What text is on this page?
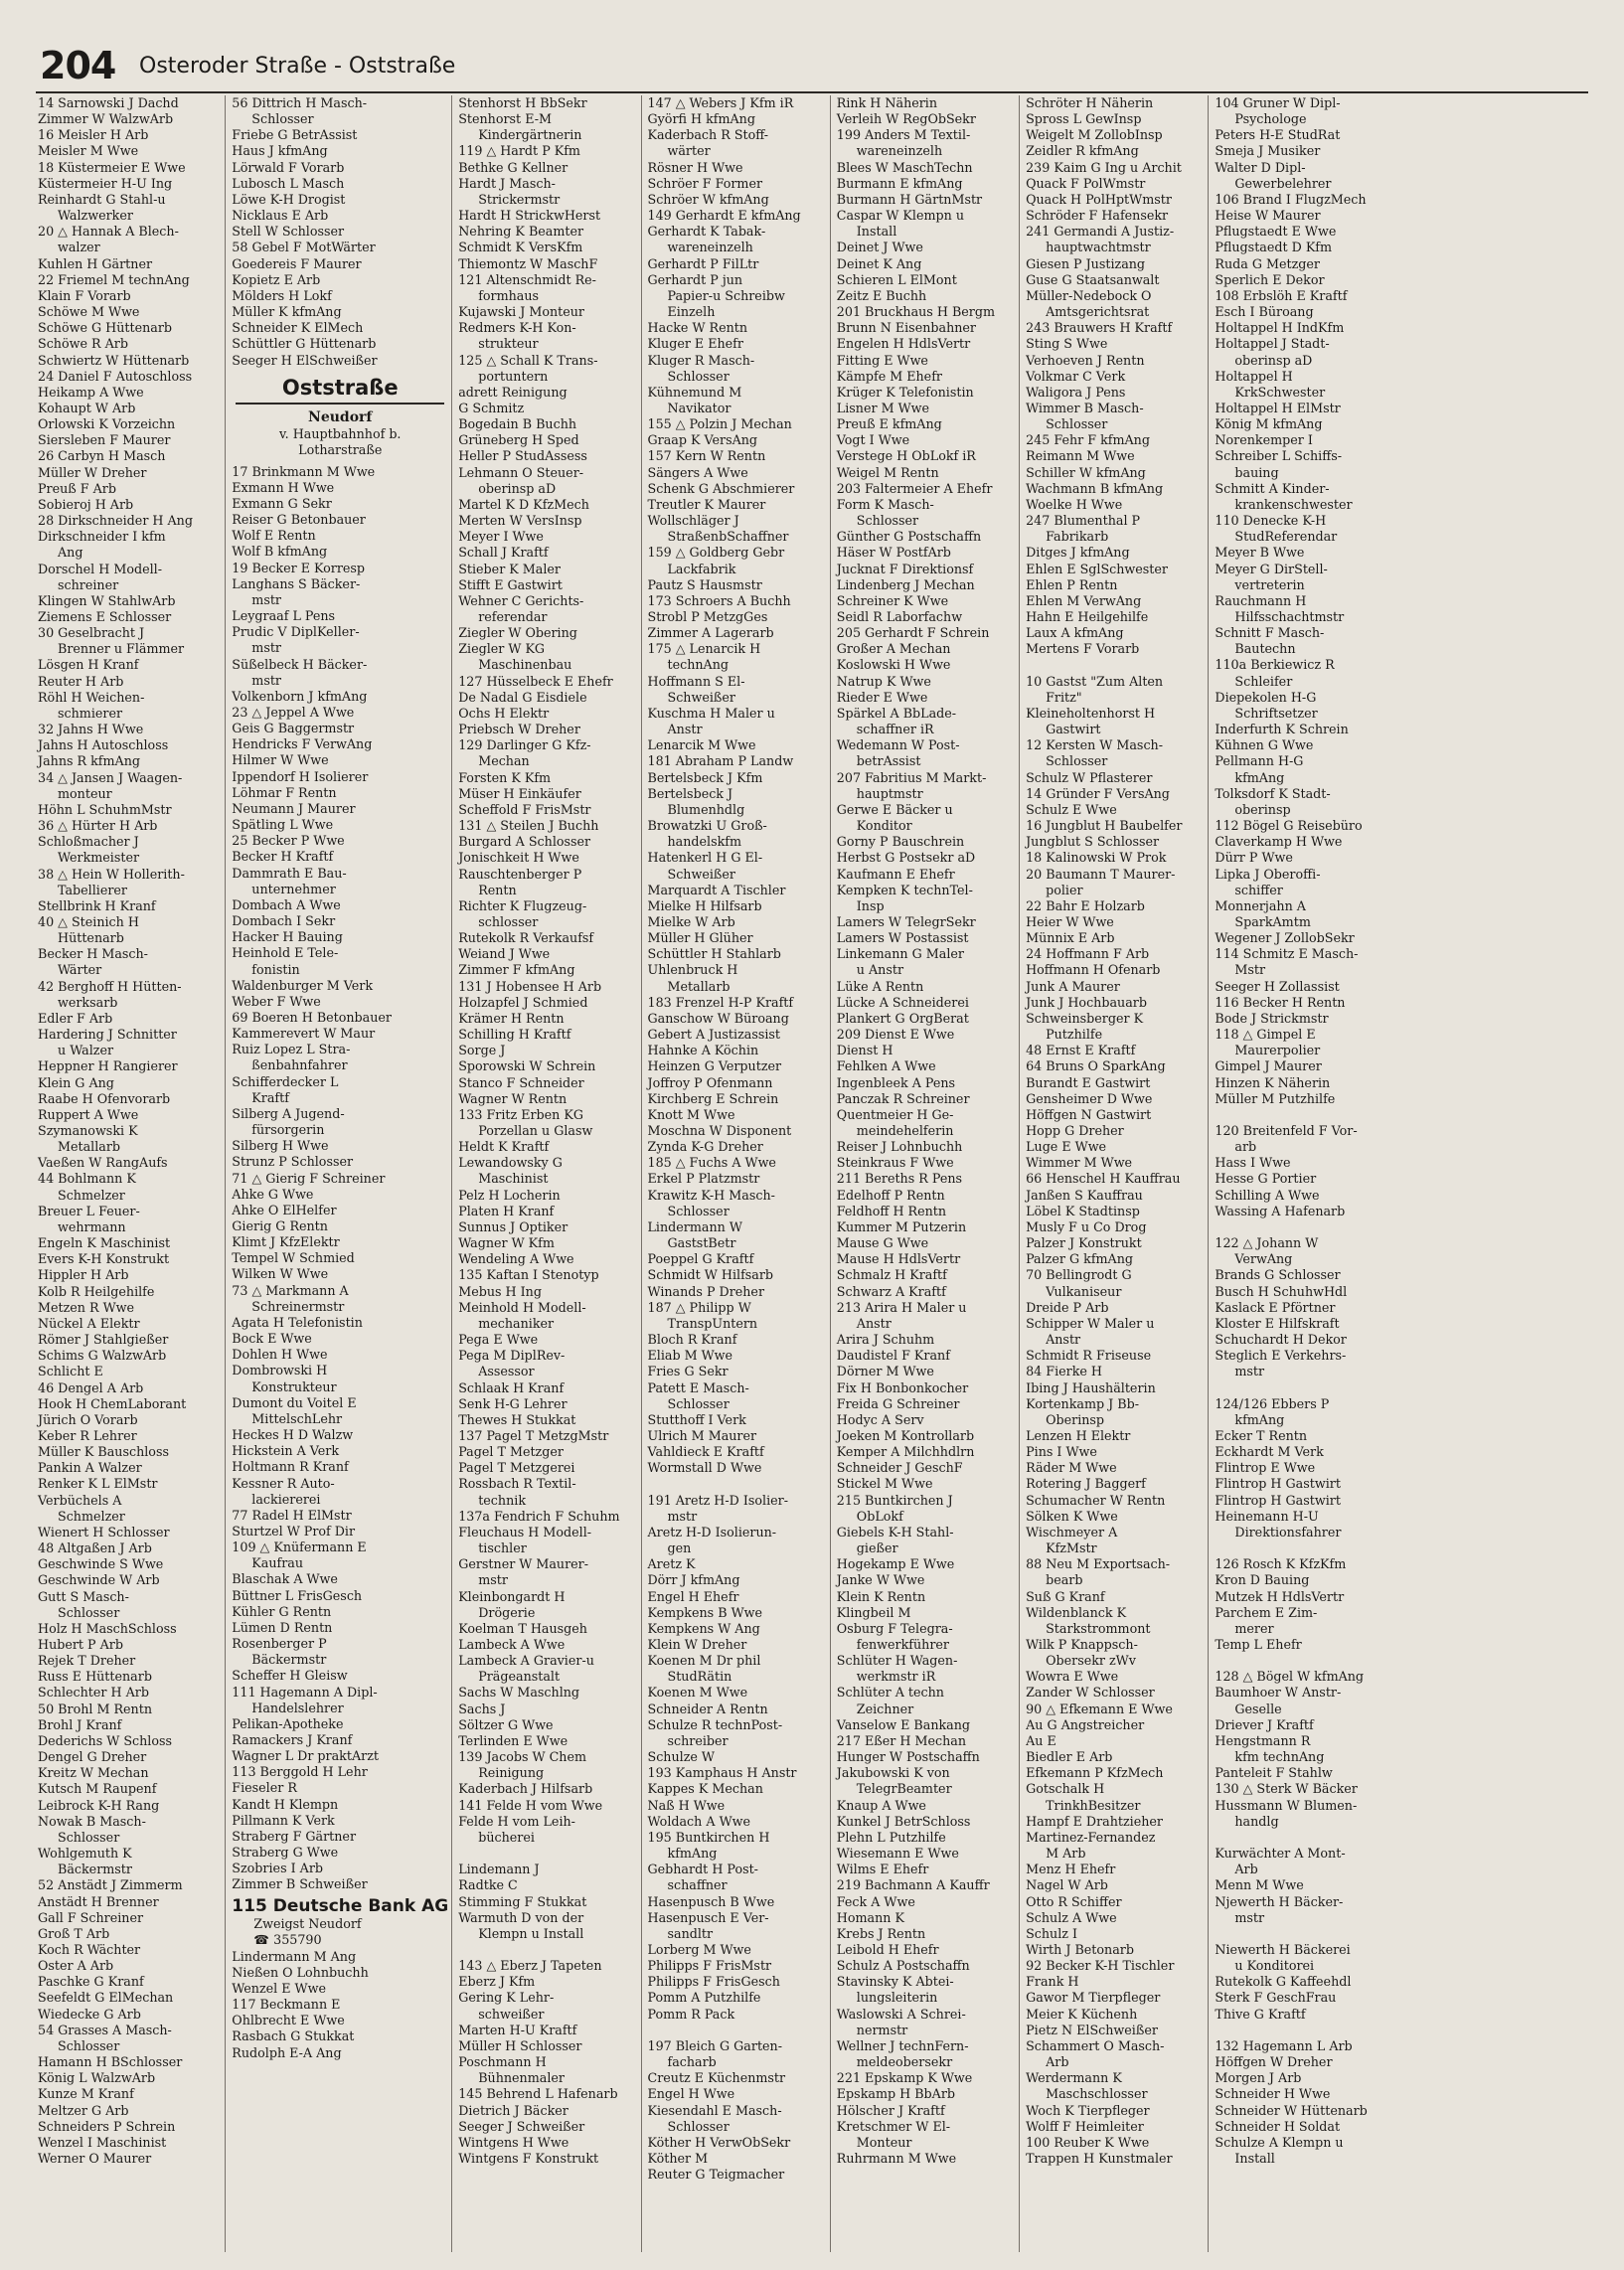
204 Osteroder Straße - Oststraße
14 Sarnowski J Dachd
Zimmer W WalzwArb
16 Meisler H Arb
Meisler M Wwe
18 Küstermeier E Wwe
Küstermeier H-U Ing
Reinhardt G Stahl-u
Walzwerker
20 △ Hannak A Blech-
walzer
Kuhlen H Gärtner
22 Friemel M technAng
Klain F Vorarb
Schöwe M Wwe
Schöwe G Hüttenarb
Schöwe R Arb
Schwiertz W Hüttenarb
24 Daniel F Autoschloss
Heikamp A Wwe
Kohaupt W Arb
Orlowski K Vorzeichn
Siersleben F Maurer
26 Carbyn H Masch
Müller W Dreher
Preuß F Arb
Sobieroj H Arb
28 Dirkschneider H Ang
Dirkschneider I kfm
Ang
Dorschel H Modell-
schreiner
Klingen W StahlwArb
Ziemens E Schlosser
30 Geselbracht J
Brenner u Flämmer
Lösgen H Kranf
Reuter H Arb
Röhl H Weichen-
schmierer
32 Jahns H Wwe
Jahns H Autoschloss
Jahns R kfmAng
34 △ Jansen J Waagen-
monteur
Höhn L SchuhmMstr
36 △ Hürter H Arb
Schloßmacher J
Werkmeister
38 △ Hein W Hollerith-
Tabellierer
Stellbrink H Kranf
40 △ Steinich H
Hüttenarb
Becker H Masch-
Wärter
42 Berghoff H Hütten-
werksarb
Edler F Arb
Hardering J Schnitter
u Walzer
Heppner H Rangierer
Klein G Ang
Raabe H Ofenvorarb
Ruppert A Wwe
Szymanowski K
Metallarb
Vaeßen W RangAufs
44 Bohlmann K
Schmelzer
Breuer L Feuer-
wehrmann
Engeln K Maschinist
Evers K-H Konstrukt
Hippler H Arb
Kolb R Heilgehilfe
Metzen R Wwe
Nückel A Elektr
Römer J Stahlgießer
Schims G WalzwArb
Schlicht E
46 Dengel A Arb
Hook H ChemLaborant
Jürich O Vorarb
Keber R Lehrer
Müller K Bauschloss
Pankin A Walzer
Renker K L ElMstr
Verbüchels A
Schmelzer
Wienert H Schlosser
48 Altgaßen J Arb
Geschwinde S Wwe
Geschwinde W Arb
Gutt S Masch-
Schlosser
Holz H MaschSchloss
Hubert P Arb
Rejek T Dreher
Russ E Hüttenarb
Schlechter H Arb
50 Brohl M Rentn
Brohl J Kranf
Dederichs W Schloss
Dengel G Dreher
Kreitz W Mechan
Kutsch M Raupenf
Leibrock K-H Rang
Nowak B Masch-
Schlosser
Wohlgemuth K
Bäckermstr
52 Anstädt J Zimmerm
Anstädt H Brenner
Gall F Schreiner
Groß T Arb
Koch R Wächter
Oster A Arb
Paschke G Kranf
Seefeldt G ElMechan
Wiedecke G Arb
54 Grasses A Masch-
Schlosser
Hamann H BSchlosser
König L WalzwArb
Kunze M Kranf
Meltzer G Arb
Schneiders P Schrein
Wenzel I Maschinist
Werner O Maurer
56 Dittrich H Masch-
Schlosser
Friebe G BetrAssist
Haus J kfmAng
Lörwald F Vorarb
Lubosch L Masch
Löwe K-H Drogist
Nicklaus E Arb
Stell W Schlosser
58 Gebel F MotWärter
Goedereis F Maurer
Kopietz E Arb
Mölders H Lokf
Müller K kfmAng
Schneider K ElMech
Schüttler G Hüttenarb
Seeger H ElSchweißer
Oststraße
Neudorf
v. Hauptbahnhof b.
Lotharstraße
17 Brinkmann M Wwe
Exmann H Wwe
Exmann G Sekr
Reiser G Betonbauer
Wolf E Rentn
Wolf B kfmAng
19 Becker E Korresp
Langhans S Bäcker-
mstr
Leygraaf L Pens
Prudic V DiplKeller-
mstr
Süßelbeck H Bäcker-
mstr
Volkenborn J kfmAng
23 △ Jeppel A Wwe
Geis G Baggermstr
Hendricks F VerwAng
Hilmer W Wwe
Ippendorf H Isolierer
Löhmar F Rentn
Neumann J Maurer
Spätling L Wwe
25 Becker P Wwe
Becker H Kraftf
Dammrath E Bau-
unternehmer
Dombach A Wwe
Dombach I Sekr
Hacker H Bauing
Heinhold E Tele-
fonistin
Waldenburger M Verk
Weber F Wwe
69 Boeren H Betonbauer
Kammerevert W Maur
Ruiz Lopez L Stra-
ßenbahnfahrer
Schifferdecker L
Kraftf
Silberg A Jugend-
fürsorgerin
Silberg H Wwe
Strunz P Schlosser
71 △ Gierig F Schreiner
Ahke G Wwe
Ahke O ElHelfer
Gierig G Rentn
Klimt J KfzElektr
Tempel W Schmied
Wilken W Wwe
73 △ Markmann A
Schreinermstr
Agata H Telefonistin
Bock E Wwe
Dohlen H Wwe
Dombrowski H
Konstrukteur
Dumont du Voitel E
MittelschLehr
Heckes H D Walzw
Hickstein A Verk
Holtmann R Kranf
Kessner R Auto-
lackiererei
77 Radel H ElMstr
Sturtzel W Prof Dir
109 △ Knüfermann E
Kaufrau
Blaschak A Wwe
Büttner L FrisGesch
Kühler G Rentn
Lümen D Rentn
Rosenberger P
Bäckermstr
Scheffer H Gleisw
111 Hagemann A Dipl-
Handelslehrer
Pelikan-Apotheke
Ramackers J Kranf
Wagner L Dr praktArzt
113 Berggold H Lehr
Fieseler R
Kandt H Klempn
Pillmann K Verk
Straberg F Gärtner
Straberg G Wwe
Szobries I Arb
Zimmer B Schweißer
115 Deutsche Bank AG
Zweigst Neudorf
☎ 355790
Lindermann M Ang
Nießen O Lohnbuchh
Wenzel E Wwe
117 Beckmann E
Ohlbrecht E Wwe
Rasbach G Stukkat
Rudolph E-A Ang
Stenhorst H BbSekr
Stenhorst E-M
Kindergärtnerin
119 △ Hardt P Kfm
Bethke G Kellner
Hardt J Masch-
Strickermstr
Hardt H StrickwHerst
Nehring K Beamter
Schmidt K VersKfm
Thiemontz W MaschF
121 Altenschmidt Re-
formhaus
Kujawski J Monteur
Redmers K-H Kon-
strukteur
125 △ Schall K Trans-
portuntern
adrett Reinigung
G Schmitz
Bogedain B Buchh
Grüneberg H Sped
Heller P StudAssess
Lehmann O Steuer-
oberinsp aD
Martel K D KfzMech
Merten W VersInsp
Meyer I Wwe
Schall J Kraftf
Stieber K Maler
Stifft E Gastwirt
Wehner C Gerichts-
referendar
Ziegler W Obering
Ziegler W KG
Maschinenbau
127 Hüsselbeck E Ehefr
De Nadal G Eisdiele
Ochs H Elektr
Priebsch W Dreher
129 Darlinger G Kfz-
Mechan
Forsten K Kfm
Müser H Einkäufer
Scheffold F FrisMstr
131 △ Steilen J Buchh
Burgard A Schlosser
Jonischkeit H Wwe
Rauschtenberger P
Rentn
Richter K Flugzeug-
schlosser
Rutekolk R Verkaufsf
Weiand J Wwe
Zimmer F kfmAng
131 J Hobensee H Arb
Holzapfel J Schmied
Krämer H Rentn
Schilling H Kraftf
Sorge J
Sporowski W Schrein
Stanco F Schneider
Wagner W Rentn
133 Fritz Erben KG
Porzellan u Glasw
Heldt K Kraftf
Lewandowsky G
Maschinist
Pelz H Locherin
Platen H Kranf
Sunnus J Optiker
Wagner W Kfm
Wendeling A Wwe
135 Kaftan I Stenotyp
Mebus H Ing
Meinhold H Modell-
mechaniker
Pega E Wwe
Pega M DiplRev-
Assessor
Schlaak H Kranf
Senk H-G Lehrer
Thewes H Stukkat
137 Pagel T MetzgMstr
Pagel T Metzger
Pagel T Metzgerei
Rossbach R Textil-
technik
137a Fendrich F Schuhm
Fleuchaus H Modell-
tischler
Gerstner W Maurer-
mstr
Kleinbongardt H
Drögerie
Koelman T Hausgeh
Lambeck A Wwe
Lambeck A Gravier-u
Prägeanstalt
Sachs W Maschlng
Sachs J
Söltzer G Wwe
Terlinden E Wwe
139 Jacobs W Chem
Reinigung
Kaderbach J Hilfsarb
141 Felde H vom Wwe
Felde H vom Leih-
bücherei

Lindemann J
Radtke C
Stimming F Stukkat
Warmuth D von der
Klempn u Install

143 △ Eberz J Tapeten
Eberz J Kfm
Gering K Lehr-
schweißer
Marten H-U Kraftf
Müller H Schlosser
Poschmann H
Bühnenmaler
145 Behrend L Hafenarb
Dietrich J Bäcker
Seeger J Schweißer
Wintgens H Wwe
Wintgens F Konstrukt
147 △ Webers J Kfm iR
Györfi H kfmAng
Kaderbach R Stoff-
wärter
Rösner H Wwe
Schröer F Former
Schröer W kfmAng
149 Gerhardt E kfmAng
Gerhardt K Tabak-
wareneinzelh
Gerhardt P FilLtr
Gerhardt P jun
Papier-u Schreibw
Einzelh
Hacke W Rentn
Kluger E Ehefr
Kluger R Masch-
Schlosser
Kühnemund M
Navikator
155 △ Polzin J Mechan
Graap K VersAng
157 Kern W Rentn
Sängers A Wwe
Schenk G Abschmierer
Treutler K Maurer
Wollschläger J
StraßenbSchaffner
159 △ Goldberg Gebr
Lackfabrik
Pautz S Hausmstr
173 Schroers A Buchh
Strobl P MetzgGes
Zimmer A Lagerarb
175 △ Lenarcik H
technAng
Hoffmann S El-
Schweißer
Kuschma H Maler u
Anstr
Lenarcik M Wwe
181 Abraham P Landw
Bertelsbeck J Kfm
Bertelsbeck J
Blumenhdlg
Browatzki U Groß-
handelskfm
Hatenkerl H G El-
Schweißer
Marquardt A Tischler
Mielke H Hilfsarb
Mielke W Arb
Müller H Glüher
Schüttler H Stahlarb
Uhlenbruck H
Metallarb
183 Frenzel H-P Kraftf
Ganschow W Büroang
Gebert A Justizassist
Hahnke A Köchin
Heinzen G Verputzer
Joffroy P Ofenmann
Kirchberg E Schrein
Knott M Wwe
Moschna W Disponent
Zynda K-G Dreher
185 △ Fuchs A Wwe
Erkel P Platzmstr
Krawitz K-H Masch-
Schlosser
Lindermann W
GaststBetr
Poeppel G Kraftf
Schmidt W Hilfsarb
Winands P Dreher
187 △ Philipp W
TranspUntern
Bloch R Kranf
Eliab M Wwe
Fries G Sekr
Patett E Masch-
Schlosser
Stutthoff I Verk
Ulrich M Maurer
Vahldieck E Kraftf
Wormstall D Wwe

191 Aretz H-D Isolier-
mstr
Aretz H-D Isolierun-
gen
Aretz K
Dörr J kfmAng
Engel H Ehefr
Kempkens B Wwe
Kempkens W Ang
Klein W Dreher
Koenen M Dr phil
StudRätin
Koenen M Wwe
Schneider A Rentn
Schulze R technPost-
schreiber
Schulze W
193 Kamphaus H Anstr
Kappes K Mechan
Naß H Wwe
Woldach A Wwe
195 Buntkirchen H
kfmAng
Gebhardt H Post-
schaffner
Hasenpusch B Wwe
Hasenpusch E Ver-
sandltr
Lorberg M Wwe
Philipps F FrisMstr
Philipps F FrisGesch
Pomm A Putzhilfe
Pomm R Pack

197 Bleich G Garten-
facharb
Creutz E Küchenmstr
Engel H Wwe
Kiesendahl E Masch-
Schlosser
Köther H VerwObSekr
Köther M
Reuter G Teigmacher
Rink H Näherin
Verleih W RegObSekr
199 Anders M Textil-
wareneinzelh
Blees W MaschTechn
Burmann E kfmAng
Burmann H GärtnMstr
Caspar W Klempn u
Install
Deinet J Wwe
Deinet K Ang
Schieren L ElMont
Zeitz E Buchh
201 Bruckhaus H Bergm
Brunn N Eisenbahner
Engelen H HdlsVertr
Fitting E Wwe
Kämpfe M Ehefr
Krüger K Telefonistin
Lisner M Wwe
Preuß E kfmAng
Vogt I Wwe
Verstege H ObLokf iR
Weigel M Rentn
203 Faltermeier A Ehefr
Form K Masch-
Schlosser
Günther G Postschaffn
Häser W PostfArb
Jucknat F Direktionsf
Lindenberg J Mechan
Schreiner K Wwe
Seidl R Laborfachw
205 Gerhardt F Schrein
Großer A Mechan
Koslowski H Wwe
Natrup K Wwe
Rieder E Wwe
Spärkel A BbLade-
schaffner iR
Wedemann W Post-
betrAssist
207 Fabritius M Markt-
hauptmstr
Gerwe E Bäcker u
Konditor
Gorny P Bauschrein
Herbst G Postsekr aD
Kaufmann E Ehefr
Kempken K technTel-
Insp
Lamers W TelegrSekr
Lamers W Postassist
Linkemann G Maler
u Anstr
Lüke A Rentn
Lücke A Schneiderei
Plankert G OrgBerat
209 Dienst E Wwe
Dienst H
Fehlken A Wwe
Ingenbleek A Pens
Panczak R Schreiner
Quentmeier H Ge-
meindehelferin
Reiser J Lohnbuchh
Steinkraus F Wwe
211 Bereths R Pens
Edelhoff P Rentn
Feldhoff H Rentn
Kummer M Putzerin
Mause G Wwe
Mause H HdlsVertr
Schmalz H Kraftf
Schwarz A Kraftf
213 Arira H Maler u
Anstr
Arira J Schuhm
Daudistel F Kranf
Dörner M Wwe
Fix H Bonbonkocher
Freida G Schreiner
Hodyc A Serv
Joeken M Kontrollarb
Kemper A Milchhdlrn
Schneider J GeschF
Stickel M Wwe
215 Buntkirchen J
ObLokf
Giebels K-H Stahl-
gießer
Hogekamp E Wwe
Janke W Wwe
Klein K Rentn
Klingbeil M
Osburg F Telegra-
fenwerkführer
Schlüter H Wagen-
werkmstr iR
Schlüter A techn
Zeichner
Vanselow E Bankang
217 Eßer H Mechan
Hunger W Postschaffn
Jakubowski K von
TelegrBeamter
Knaup A Wwe
Kunkel J BetrSchloss
Plehn L Putzhilfe
Wiesemann E Wwe
Wilms E Ehefr
219 Bachmann A Kauffr
Feck A Wwe
Homann K
Krebs J Rentn
Leibold H Ehefr
Schulz A Postschaffn
Stavinsky K Abtei-
lungsleiterin
Waslowski A Schrei-
nermstr
Wellner J technFern-
meldeobersekr
221 Epskamp K Wwe
Epskamp H BbArb
Hölscher J Kraftf
Kretschmer W El-
Monteur
Ruhrmann M Wwe
Schröter H Näherin
Spross L GewInsp
Weigelt M ZollobInsp
Zeidler R kfmAng
239 Kaim G Ing u Archit
Quack F PolWmstr
Quack H PolHptWmstr
Schröder F Hafensekr
241 Germandi A Justiz-
hauptwachtmstr
Giesen P Justizang
Guse G Staatsanwalt
Müller-Nedebock O
Amtsgerichtsrat
243 Brauwers H Kraftf
Sting S Wwe
Verhoeven J Rentn
Volkmar C Verk
Waligora J Pens
Wimmer B Masch-
Schlosser
245 Fehr F kfmAng
Reimann M Wwe
Schiller W kfmAng
Wachmann B kfmAng
Woelke H Wwe
247 Blumenthal P
Fabrikarb
Ditges J kfmAng
Ehlen E SglSchwester
Ehlen P Rentn
Ehlen M VerwAng
Hahn E Heilgehilfe
Laux A kfmAng
Mertens F Vorarb

10 Gastst "Zum Alten
Fritz"
Kleineholtenhorst H
Gastwirt
12 Kersten W Masch-
Schlosser
Schulz W Pflasterer
14 Gründer F VersAng
Schulz E Wwe
16 Jungblut H Baubelfer
Jungblut S Schlosser
18 Kalinowski W Prok
20 Baumann T Maurer-
polier
22 Bahr E Holzarb
Heier W Wwe
Münnix E Arb
24 Hoffmann F Arb
Hoffmann H Ofenarb
Junk A Maurer
Junk J Hochbauarb
Schweinsberger K
Putzhilfe
48 Ernst E Kraftf
64 Bruns O SparkAng
Burandt E Gastwirt
Gensheimer D Wwe
Höffgen N Gastwirt
Hopp G Dreher
Luge E Wwe
Wimmer M Wwe
66 Henschel H Kauffrau
Janßen S Kauffrau
Löbel K Stadtinsp
Musly F u Co Drog
Palzer J Konstrukt
Palzer G kfmAng
70 Bellingrodt G
Vulkaniseur
Dreide P Arb
Schipper W Maler u
Anstr
Schmidt R Friseuse
84 Fierke H
Ibing J Haushälterin
Kortenkamp J Bb-
Oberinsp
Lenzen H Elektr
Pins I Wwe
Räder M Wwe
Rotering J Baggerf
Schumacher W Rentn
Sölken K Wwe
Wischmeyer A
KfzMstr
88 Neu M Exportsach-
bearb
Suß G Kranf
Wildenblanck K
Starkstrommont
Wilk P Knappsch-
Obersekr zWv
Wowra E Wwe
Zander W Schlosser
90 △ Efkemann E Wwe
Au G Angstreicher
Au E
Biedler E Arb
Efkemann P KfzMech
Gotschalk H
TrinkhBesitzer
Hampf E Drahtzieher
Martinez-Fernandez
M Arb
Menz H Ehefr
Nagel W Arb
Otto R Schiffer
Schulz A Wwe
Schulz I
Wirth J Betonarb
92 Becker K-H Tischler
Frank H
Gawor M Tierpfleger
Meier K Küchenh
Pietz N ElSchweißer
Schammert O Masch-
Arb
Werdermann K
Maschschlosser
Woch K Tierpfleger
Wolff F Heimleiter
100 Reuber K Wwe
Trappen H Kunstmaler
104 Gruner W Dipl-
Psychologe
Peters H-E StudRat
Smeja J Musiker
Walter D Dipl-
Gewerbelehrer
106 Brand I FlugzMech
Heise W Maurer
Pflugstaedt E Wwe
Pflugstaedt D Kfm
Ruda G Metzger
Sperlich E Dekor
108 Erbslöh E Kraftf
Esch I Büroang
Holtappel H IndKfm
Holtappel J Stadt-
oberinsp aD
Holtappel H
KrkSchwester
Holtappel H ElMstr
König M kfmAng
Norenkemper I
Schreiber L Schiffs-
bauing
Schmitt A Kinder-
krankenschwester
110 Denecke K-H
StudReferendar
Meyer B Wwe
Meyer G DirStell-
vertreterin
Rauchmann H
Hilfsschachtmstr
Schnitt F Masch-
Bautechn
110a Berkiewicz R
Schleifer
Diepekolen H-G
Schriftsetzer
Inderfurth K Schrein
Kühnen G Wwe
Pellmann H-G
kfmAng
Tolksdorf K Stadt-
oberinsp
112 Bögel G Reisebüro
Claverkamp H Wwe
Dürr P Wwe
Lipka J Oberoffi-
schiffer
Monnerjahn A
SparkAmtm
Wegener J ZollobSekr
114 Schmitz E Masch-
Mstr
Seeger H Zollassist
116 Becker H Rentn
Bode J Strickmstr
118 △ Gimpel E
Maurerpolier
Gimpel J Maurer
Hinzen K Näherin
Müller M Putzhilfe

120 Breitenfeld F Vor-
arb
Hass I Wwe
Hesse G Portier
Schilling A Wwe
Wassing A Hafenarb

122 △ Johann W
VerwAng
Brands G Schlosser
Busch H SchuhwHdl
Kaslack E Pförtner
Kloster E Hilfskraft
Schuchardt H Dekor
Steglich E Verkehrs-
mstr

124/126 Ebbers P
kfmAng
Ecker T Rentn
Eckhardt M Verk
Flintrop E Wwe
Flintrop H Gastwirt
Flintrop H Gastwirt
Heinemann H-U
Direktionsfahrer

126 Rosch K KfzKfm
Kron D Bauing
Mutzek H HdlsVertr
Parchem E Zim-
merer
Temp L Ehefr

128 △ Bögel W kfmAng
Baumhoer W Anstr-
Geselle
Driever J Kraftf
Hengstmann R
kfm technAng
Panteleit F Stahlw
130 △ Sterk W Bäcker
Hussmann W Blumen-
handlg

Kurwächter A Mont-
Arb
Menn M Wwe
Njewerth H Bäcker-
mstr

Niewerth H Bäckerei
u Konditorei
Rutekolk G Kaffeehdl
Sterk F GeschFrau
Thive G Kraftf

132 Hagemann L Arb
Höffgen W Dreher
Morgen J Arb
Schneider H Wwe
Schneider W Hüttenarb
Schneider H Soldat
Schulze A Klempn u
Install
